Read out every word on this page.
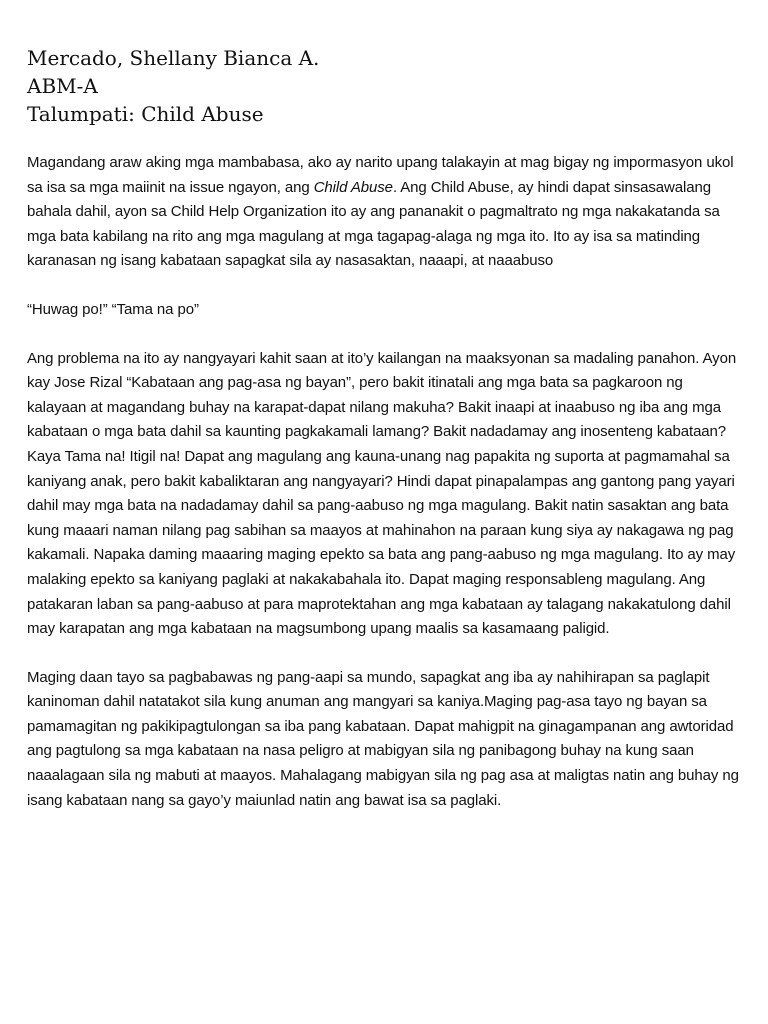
Mercado, Shellany Bianca A.

ABM-A

Talumpati: Child Abuse

Magandang araw aking mga mambabasa, ako ay narito upang talakayin at mag bigay ng impormasyon ukol sa isa sa mga maiinit na issue ngayon, ang Child Abuse. Ang Child Abuse, ay hindi dapat sinsasawalang bahala dahil, ayon sa Child Help Organization ito ay ang pananakit o pagmaltrato ng mga nakakatanda sa mga bata kabilang na rito ang mga magulang at mga tagapag-alaga ng mga ito. Ito ay isa sa matinding karanasan ng isang kabataan sapagkat sila ay nasasaktan, naaapi, at naaabuso

“Huwag po!” “Tama na po”

Ang problema na ito ay nangyayari kahit saan at ito’y kailangan na maaksyonan sa madaling panahon. Ayon kay Jose Rizal “Kabataan ang pag-asa ng bayan”, pero bakit itinatali ang mga bata sa pagkaroon ng kalayaan at magandang buhay na karapat-dapat nilang makuha? Bakit inaapi at inaabuso ng iba ang mga kabataan o mga bata dahil sa kaunting pagkakamali lamang? Bakit nadadamay ang inosenteng kabataan? Kaya Tama na! Itigil na! Dapat ang magulang ang kauna-unang nag papakita ng suporta at pagmamahal sa kaniyang anak, pero bakit kabaliktaran ang nangyayari? Hindi dapat pinapalampas ang gantong pang yayari dahil may mga bata na nadadamay dahil sa pang-aabuso ng mga magulang. Bakit natin sasaktan ang bata kung maaari naman nilang pag sabihan sa maayos at mahinahon na paraan kung siya ay nakagawa ng pag kakamali. Napaka daming maaaring maging epekto sa bata ang pang-aabuso ng mga magulang. Ito ay may malaking epekto sa kaniyang paglaki at nakakabahala ito. Dapat maging responsableng magulang. Ang patakaran laban sa pang-aabuso at para maprotektahan ang mga kabataan ay talagang nakakatulong dahil may karapatan ang mga kabataan na magsumbong upang maalis sa kasamaang paligid.

Maging daan tayo sa pagbabawas ng pang-aapi sa mundo, sapagkat ang iba ay nahihirapan sa paglapit kaninoman dahil natatakot sila kung anuman ang mangyari sa kaniya.Maging pag-asa tayo ng bayan sa pamamagitan ng pakikipagtulongan sa iba pang kabataan. Dapat mahigpit na ginagampanan ang awtoridad ang pagtulong sa mga kabataan na nasa peligro at mabigyan sila ng panibagong buhay na kung saan naaalagaan sila ng mabuti at maayos. Mahalagang mabigyan sila ng pag asa at maligtas natin ang buhay ng isang kabataan nang sa gayo’y maiunlad natin ang bawat isa sa paglaki.
